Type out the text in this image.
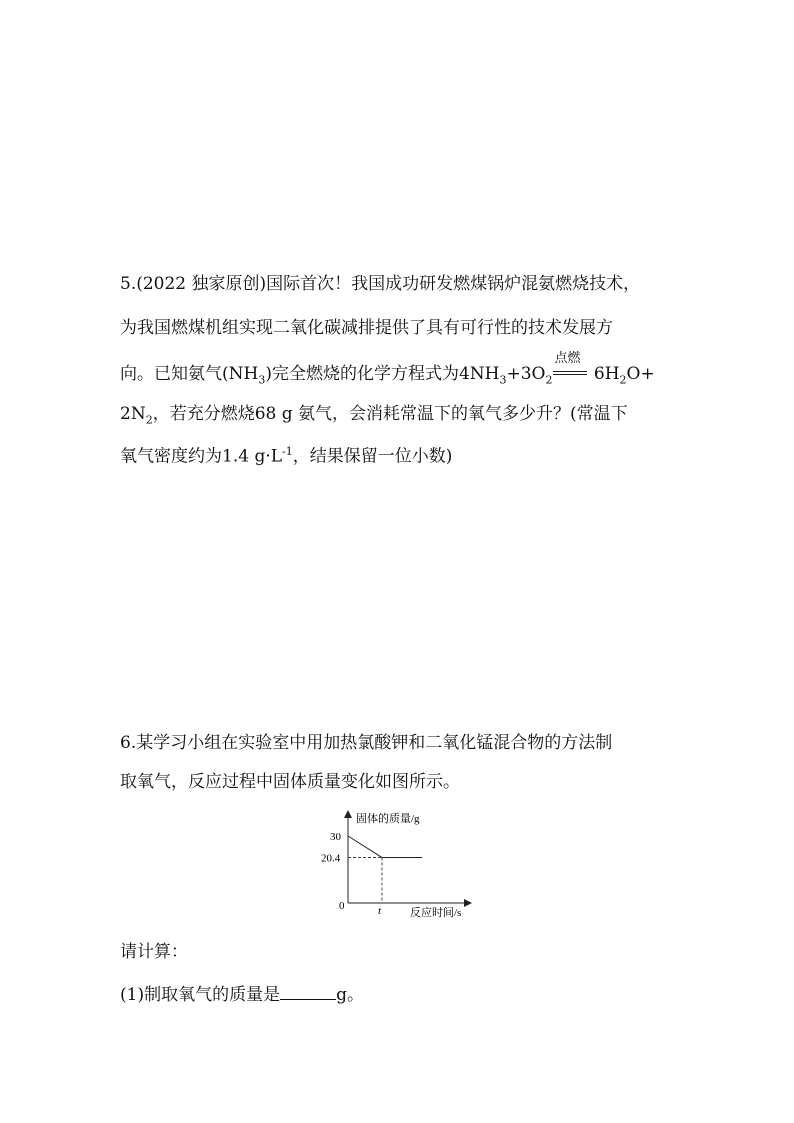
5.(2022 独家原创)国际首次！我国成功研发燃煤锅炉混氨燃烧技术，
为我国燃煤机组实现二氧化碳减排提供了具有可行性的技术发展方
向。已知氨气$(NH_3)$完全燃烧的化学方程式为$4NH_3+3O_2$
点燃
$6H_2O+$
$2N_2$，若充分燃烧68 g 氨气，会消耗常温下的氧气多少升？(常温下
氧气密度约为1.4 $g\cdot L^{-1}$，结果保留一位小数)
6.某学习小组在实验室中用加热氯酸钾和二氧化锰混合物的方法制
取氧气，反应过程中固体质量变化如图所示。
固体的质量/g
反应时间/s
0	t
30
20.4
请计算：
(1)制取氧气的质量是	g。
